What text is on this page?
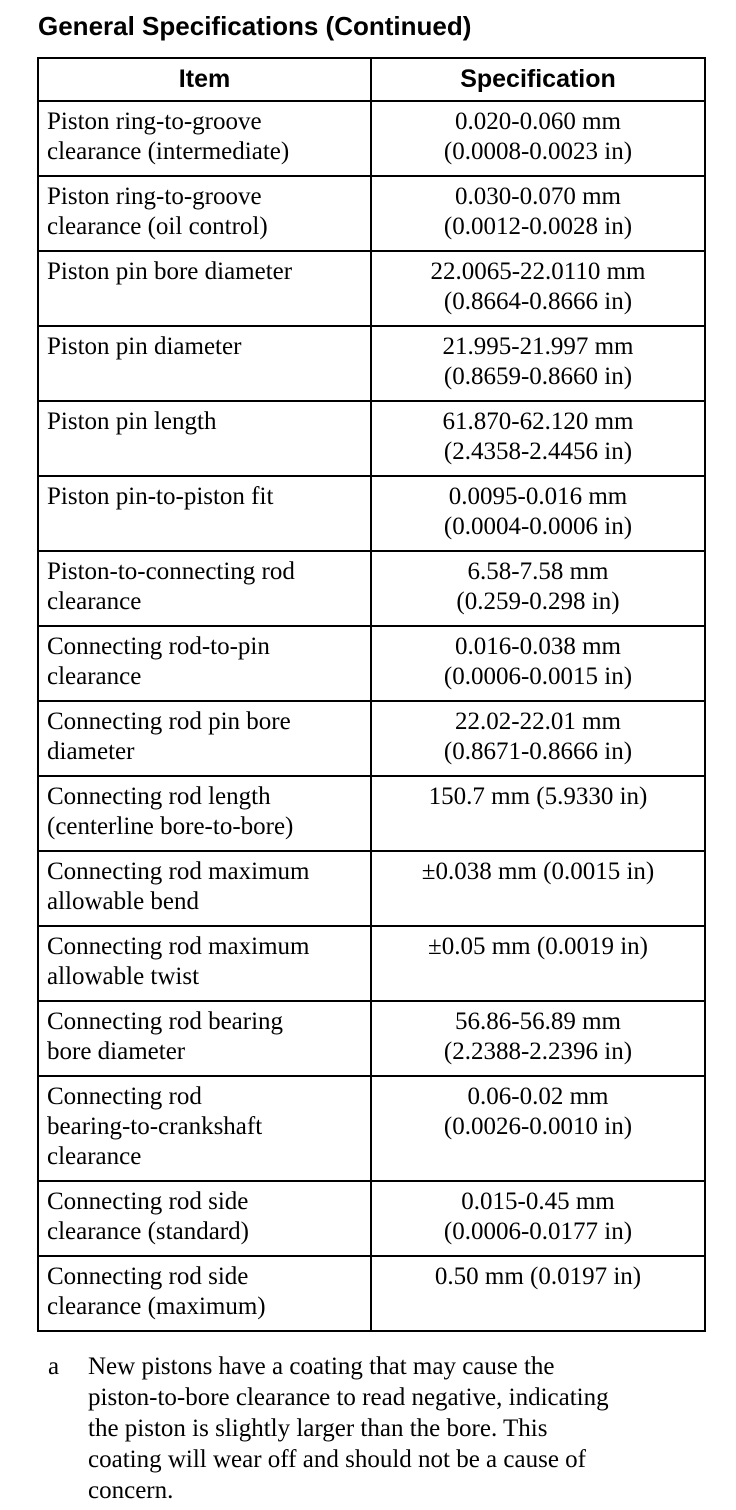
General Specifications (Continued)
Item	Specification

Piston ring-to-groove
clearance (intermediate)	0.020-0.060 mm
(0.0008-0.0023 in)

Piston ring-to-groove
clearance (oil control)	0.030-0.070 mm
(0.0012-0.0028 in)

Piston pin bore diameter	22.0065-22.0110 mm
(0.8664-0.8666 in)

Piston pin diameter	21.995-21.997 mm
(0.8659-0.8660 in)

Piston pin length	61.870-62.120 mm
(2.4358-2.4456 in)

Piston pin-to-piston fit	0.0095-0.016 mm
(0.0004-0.0006 in)

Piston-to-connecting rod
clearance	6.58-7.58 mm
(0.259-0.298 in)

Connecting rod-to-pin
clearance	0.016-0.038 mm
(0.0006-0.0015 in)

Connecting rod pin bore
diameter	22.02-22.01 mm
(0.8671-0.8666 in)

Connecting rod length
(centerline bore-to-bore)	150.7 mm (5.9330 in)

Connecting rod maximum
allowable bend	±0.038 mm (0.0015 in)

Connecting rod maximum
allowable twist	±0.05 mm (0.0019 in)

Connecting rod bearing
bore diameter	56.86-56.89 mm
(2.2388-2.2396 in)

Connecting rod
bearing-to-crankshaft
clearance	0.06-0.02 mm
(0.0026-0.0010 in)

Connecting rod side
clearance (standard)	0.015-0.45 mm
(0.0006-0.0177 in)

Connecting rod side
clearance (maximum)	0.50 mm (0.0197 in)
a New pistons have a coating that may cause the
piston-to-bore clearance to read negative, indicating
the piston is slightly larger than the bore. This
coating will wear off and should not be a cause of
concern.
